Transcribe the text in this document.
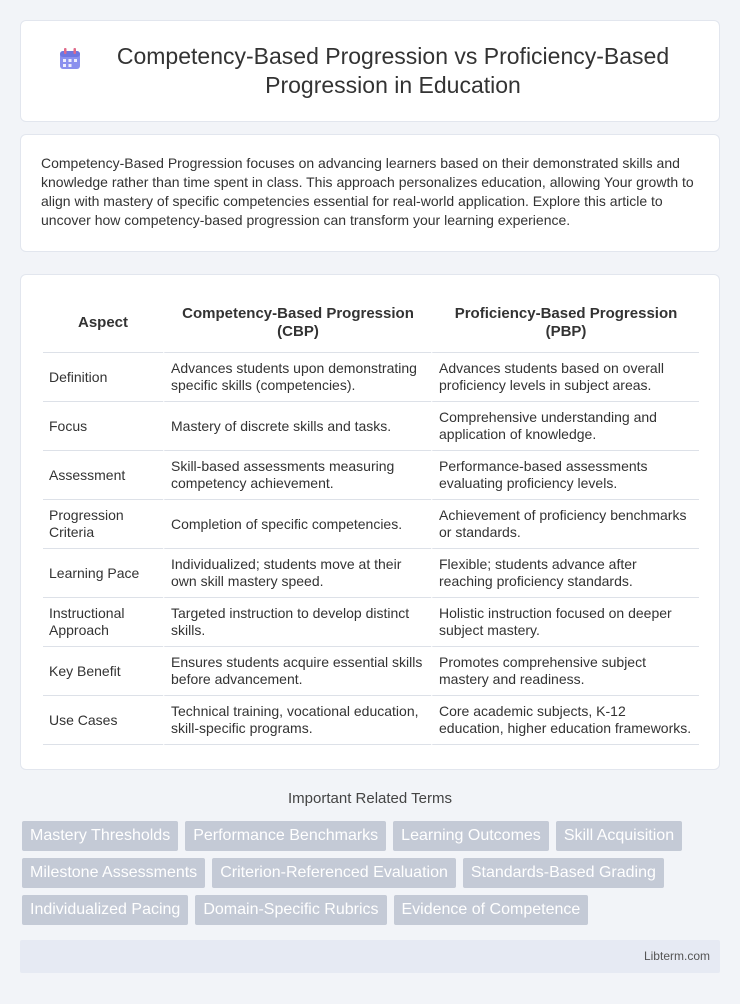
Competency-Based Progression vs Proficiency-Based Progression in Education

Competency-Based Progression focuses on advancing learners based on their demonstrated skills and knowledge rather than time spent in class. This approach personalizes education, allowing Your growth to align with mastery of specific competencies essential for real-world application. Explore this article to uncover how competency-based progression can transform your learning experience.

Aspect	Competency-Based Progression (CBP)	Proficiency-Based Progression (PBP)
Definition	Advances students upon demonstrating specific skills (competencies).	Advances students based on overall proficiency levels in subject areas.
Focus	Mastery of discrete skills and tasks.	Comprehensive understanding and application of knowledge.
Assessment	Skill-based assessments measuring competency achievement.	Performance-based assessments evaluating proficiency levels.
Progression Criteria	Completion of specific competencies.	Achievement of proficiency benchmarks or standards.
Learning Pace	Individualized; students move at their own skill mastery speed.	Flexible; students advance after reaching proficiency standards.
Instructional Approach	Targeted instruction to develop distinct skills.	Holistic instruction focused on deeper subject mastery.
Key Benefit	Ensures students acquire essential skills before advancement.	Promotes comprehensive subject mastery and readiness.
Use Cases	Technical training, vocational education, skill-specific programs.	Core academic subjects, K-12 education, higher education frameworks.
Important Related Terms
Mastery Thresholds	Performance Benchmarks	Learning Outcomes	Skill Acquisition
Milestone Assessments	Criterion-Referenced Evaluation	Standards-Based Grading
Individualized Pacing	Domain-Specific Rubrics	Evidence of Competence
Libterm.com
